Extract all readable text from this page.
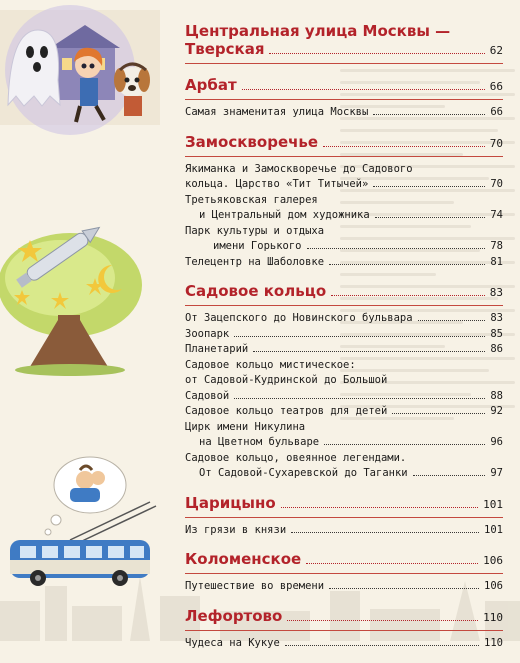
Центральная улица Москвы —
Тверская	62
Арбат	66
Самая знаменитая улица Москвы	66
Замоскворечье	70
Якиманка и Замоскворечье до Садового
кольца. Царство «Тит Титычей»	70
Третьяковская галерея
и Центральный дом художника	74
Парк культуры и отдыха
имени Горького	78
Телецентр на Шаболовке	81
Садовое кольцо	83
От Зацепского до Новинского бульвара	83
Зоопарк	85
Планетарий	86
Садовое кольцо мистическое:
от Садовой-Кудринской до Большой
Садовой	88
Садовое кольцо театров для детей	92
Цирк имени Никулина
на Цветном бульваре	96
Садовое кольцо, овеянное легендами.
От Садовой-Сухаревской до Таганки	97
Царицыно	101
Из грязи в князи	101
Коломенское	106
Путешествие во времени	106
Лефортово	110
Чудеса на Кукуе	110
